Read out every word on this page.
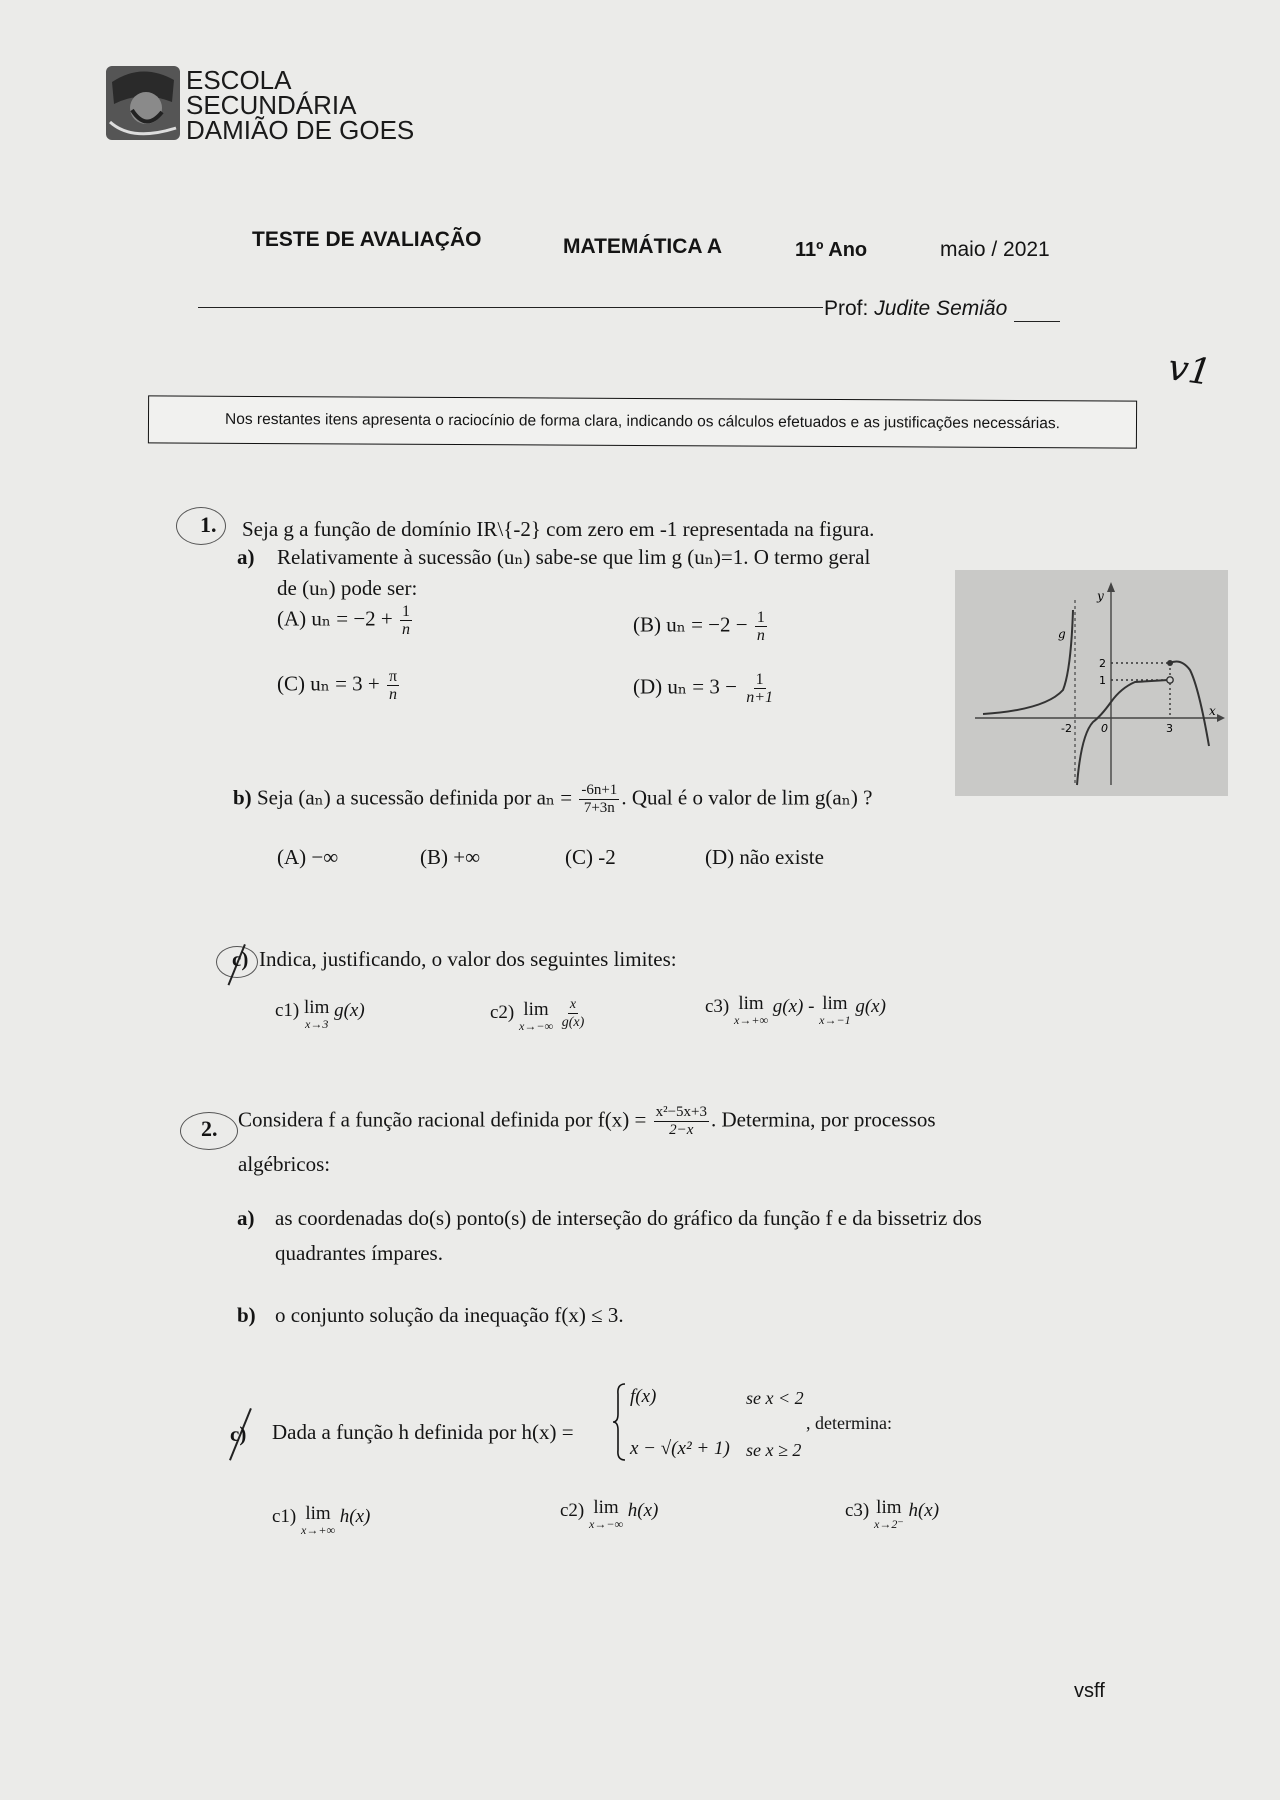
ESCOLA
SECUNDÁRIA
DAMIÃO DE GOES
TESTE DE AVALIAÇÃO	MATEMÁTICA A	11º Ano	maio / 2021
Prof: Judite Semião
v1
Nos restantes itens apresenta o raciocínio de forma clara, indicando os cálculos efetuados e as justificações necessárias.
1. Seja g a função de domínio IR\{-2} com zero em -1 representada na figura.
a) Relativamente à sucessão (uₙ) sabe-se que lim g (uₙ)=1. O termo geral
de (uₙ) pode ser:
(A) $u_n = -2 + \frac{1}{n}$	(B) $u_n = -2 - \frac{1}{n}$
(C) $u_n = 3 + \frac{\pi}{n}$	(D) $u_n = 3 - \frac{1}{n+1}$
y
x
g
2
1
-2	0	3
b) Seja (aₙ) a sucessão definida por $a_n = \frac{-6n+1}{7+3n}$ . Qual é o valor de lim g(aₙ) ?
(A) −∞	(B) +∞	(C) -2	(D) não existe
c) Indica, justificando, o valor dos seguintes limites:
c1) lim
x→3
g(x)	c2) lim
x→−∞
$\frac{x}{g(x)}$	c3) lim
x→+∞
g(x) - lim
x→−1
g(x)
2. Considera f a função racional definida por $f(x) = \frac{\text{x²−5x+3}}{2-x}$ . Determina, por processos
algébricos:
a) as coordenadas do(s) ponto(s) de interseção do gráfico da função f e da bissetriz dos
quadrantes ímpares.
b) o conjunto solução da inequação f(x) ≤ 3.
c) Dada a função h definida por h(x) =
f(x)	se x < 2
x − √(x² + 1) se x ≥ 2
, determina:
c1) lim
x→+∞
h(x)	c2) lim
x→−∞
h(x)	c3) lim
x→2⁻
h(x)
vsff
